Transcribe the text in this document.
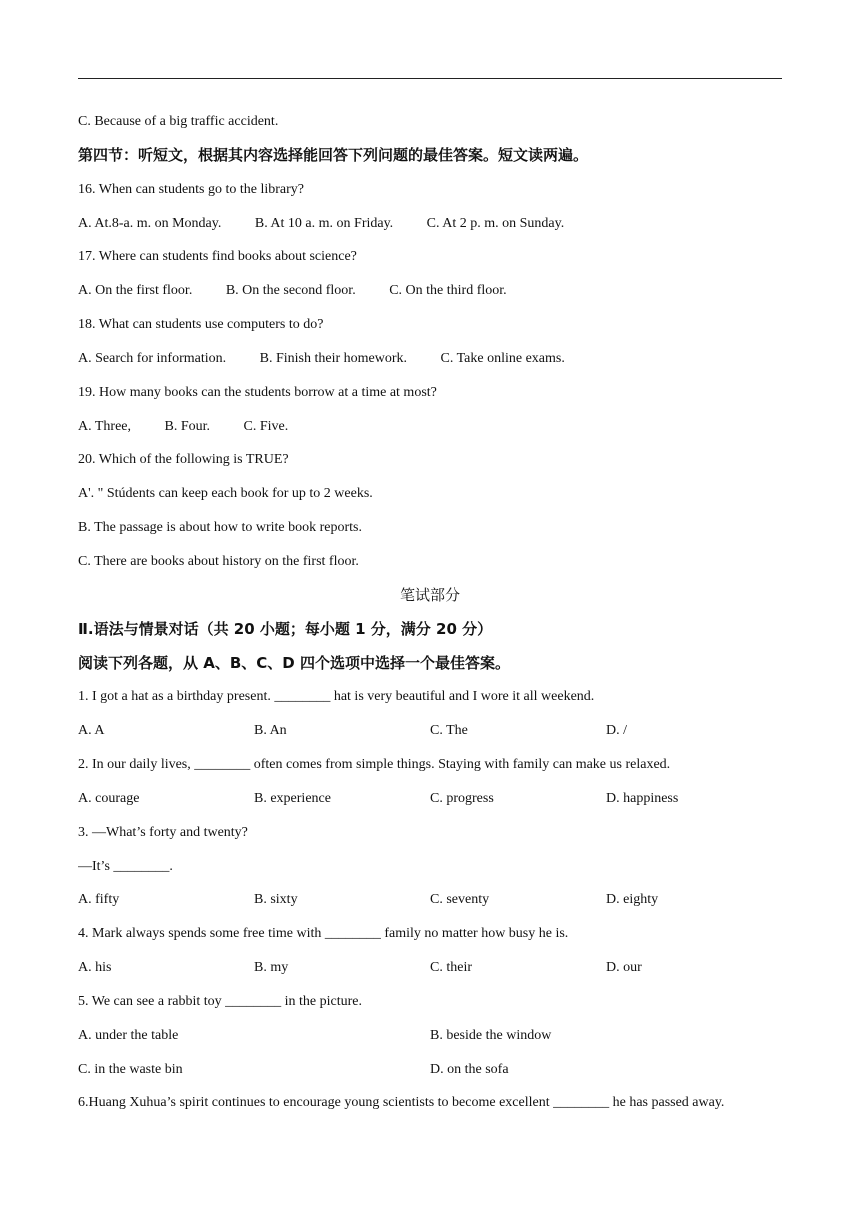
C. Because of a big traffic accident.
第四节：听短文，根据其内容选择能回答下列问题的最佳答案。短文读两遍。
16. When can students go to the library?
A. At.8-a. m. on Monday. B. At 10 a. m. on Friday. C. At 2 p. m. on Sunday.
17. Where can students find books about science?
A. On the first floor. B. On the second floor. C. On the third floor.
18. What can students use computers to do?
A. Search for information. B. Finish their homework. C. Take online exams.
19. How many books can the students borrow at a time at most?
A. Three, B. Four. C. Five.
20. Which of the following is TRUE?
A'. " Stúdents can keep each book for up to 2 weeks.
B. The passage is about how to write book reports.
C. There are books about history on the first floor.
笔试部分
Ⅱ.语法与情景对话（共 20 小题；每小题 1 分，满分 20 分）
阅读下列各题，从 A、B、C、D 四个选项中选择一个最佳答案。
1. I got a hat as a birthday present. ________ hat is very beautiful and I wore it all weekend.
A. A	B. An	C. The	D. /
2. In our daily lives, ________ often comes from simple things. Staying with family can make us relaxed.
A. courage	B. experience	C. progress	D. happiness
3. —What’s forty and twenty?
—It’s ________.
A. fifty	B. sixty	C. seventy	D. eighty
4. Mark always spends some free time with ________ family no matter how busy he is.
A. his	B. my	C. their	D. our
5. We can see a rabbit toy ________ in the picture.
A. under the table	B. beside the window
C. in the waste bin	D. on the sofa
6.Huang Xuhua’s spirit continues to encourage young scientists to become excellent ________ he has passed away.
